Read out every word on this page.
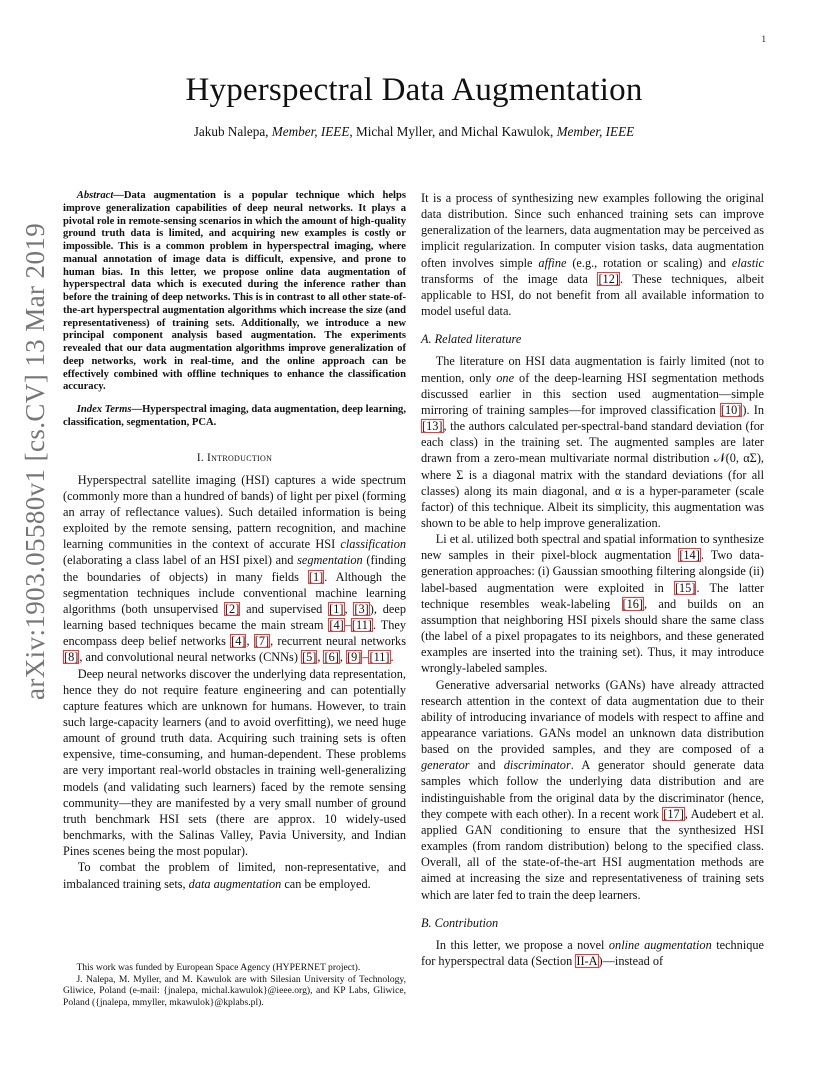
1
arXiv:1903.05580v1 [cs.CV] 13 Mar 2019
Hyperspectral Data Augmentation
Jakub Nalepa, Member, IEEE, Michal Myller, and Michal Kawulok, Member, IEEE

Abstract—Data augmentation is a popular technique which helps improve generalization capabilities of deep neural networks. It plays a pivotal role in remote-sensing scenarios in which the amount of high-quality ground truth data is limited, and acquiring new examples is costly or impossible. This is a common problem in hyperspectral imaging, where manual annotation of image data is difficult, expensive, and prone to human bias. In this letter, we propose online data augmentation of hyperspectral data which is executed during the inference rather than before the training of deep networks. This is in contrast to all other state-of-the-art hyperspectral augmentation algorithms which increase the size (and representativeness) of training sets. Additionally, we introduce a new principal component analysis based augmentation. The experiments revealed that our data augmentation algorithms improve generalization of deep networks, work in real-time, and the online approach can be effectively combined with offline techniques to enhance the classification accuracy.

Index Terms—Hyperspectral imaging, data augmentation, deep learning, classification, segmentation, PCA.

I. Introduction

Hyperspectral satellite imaging (HSI) captures a wide spectrum (commonly more than a hundred of bands) of light per pixel (forming an array of reflectance values). Such detailed information is being exploited by the remote sensing, pattern recognition, and machine learning communities in the context of accurate HSI classification (elaborating a class label of an HSI pixel) and segmentation (finding the boundaries of objects) in many fields [1]. Although the segmentation techniques include conventional machine learning algorithms (both unsupervised [2] and supervised [1], [3]), deep learning based techniques became the main stream [4]–[11]. They encompass deep belief networks [4], [7], recurrent neural networks [8], and convolutional neural networks (CNNs) [5], [6], [9]–[11].

Deep neural networks discover the underlying data representation, hence they do not require feature engineering and can potentially capture features which are unknown for humans. However, to train such large-capacity learners (and to avoid overfitting), we need huge amount of ground truth data. Acquiring such training sets is often expensive, time-consuming, and human-dependent. These problems are very important real-world obstacles in training well-generalizing models (and validating such learners) faced by the remote sensing community—they are manifested by a very small number of ground truth benchmark HSI sets (there are approx. 10 widely-used benchmarks, with the Salinas Valley, Pavia University, and Indian Pines scenes being the most popular).

To combat the problem of limited, non-representative, and imbalanced training sets, data augmentation can be employed.

This work was funded by European Space Agency (HYPERNET project).

J. Nalepa, M. Myller, and M. Kawulok are with Silesian University of Technology, Gliwice, Poland (e-mail: {jnalepa, michal.kawulok}@ieee.org), and KP Labs, Gliwice, Poland ({jnalepa, mmyller, mkawulok}@kplabs.pl).

It is a process of synthesizing new examples following the original data distribution. Since such enhanced training sets can improve generalization of the learners, data augmentation may be perceived as implicit regularization. In computer vision tasks, data augmentation often involves simple affine (e.g., rotation or scaling) and elastic transforms of the image data [12]. These techniques, albeit applicable to HSI, do not benefit from all available information to model useful data.

A. Related literature

The literature on HSI data augmentation is fairly limited (not to mention, only one of the deep-learning HSI segmentation methods discussed earlier in this section used augmentation—simple mirroring of training samples—for improved classification [10]). In [13], the authors calculated per-spectral-band standard deviation (for each class) in the training set. The augmented samples are later drawn from a zero-mean multivariate normal distribution 𝒩(0, αΣ), where Σ is a diagonal matrix with the standard deviations (for all classes) along its main diagonal, and α is a hyper-parameter (scale factor) of this technique. Albeit its simplicity, this augmentation was shown to be able to help improve generalization.

Li et al. utilized both spectral and spatial information to synthesize new samples in their pixel-block augmentation [14]. Two data-generation approaches: (i) Gaussian smoothing filtering alongside (ii) label-based augmentation were exploited in [15]. The latter technique resembles weak-labeling [16], and builds on an assumption that neighboring HSI pixels should share the same class (the label of a pixel propagates to its neighbors, and these generated examples are inserted into the training set). Thus, it may introduce wrongly-labeled samples.

Generative adversarial networks (GANs) have already attracted research attention in the context of data augmentation due to their ability of introducing invariance of models with respect to affine and appearance variations. GANs model an unknown data distribution based on the provided samples, and they are composed of a generator and discriminator. A generator should generate data samples which follow the underlying data distribution and are indistinguishable from the original data by the discriminator (hence, they compete with each other). In a recent work [17], Audebert et al. applied GAN conditioning to ensure that the synthesized HSI examples (from random distribution) belong to the specified class. Overall, all of the state-of-the-art HSI augmentation methods are aimed at increasing the size and representativeness of training sets which are later fed to train the deep learners.

B. Contribution

In this letter, we propose a novel online augmentation technique for hyperspectral data (Section II-A)—instead of
